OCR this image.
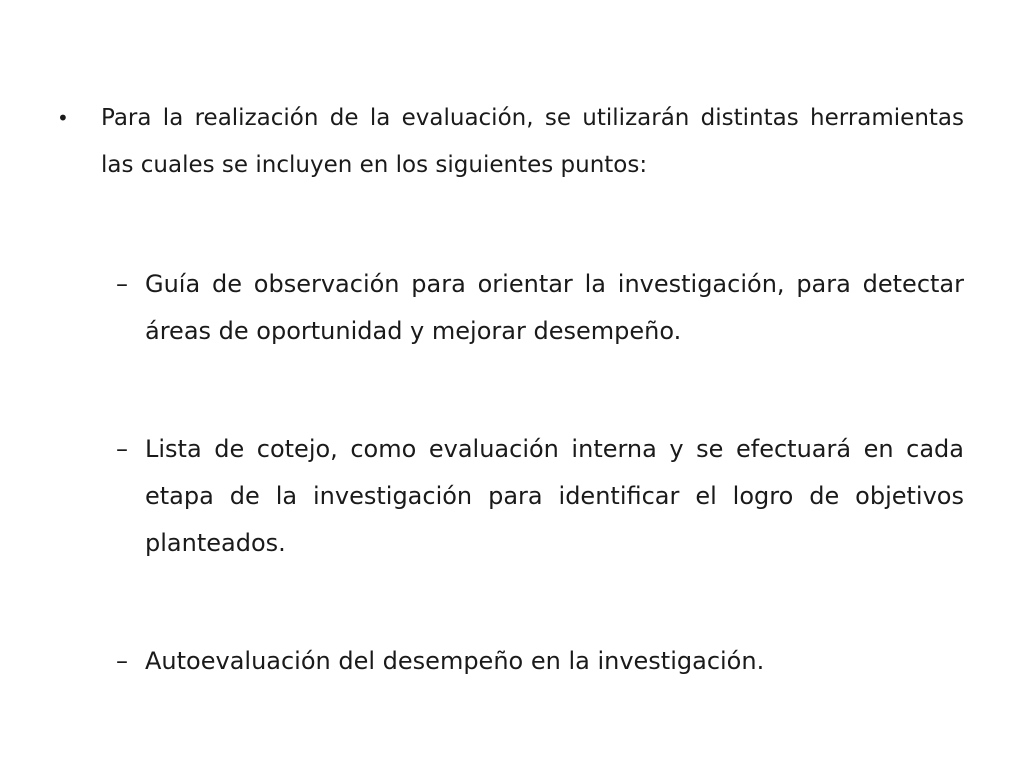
• Para la realización de la evaluación, se utilizarán distintas herramientas las cuales se incluyen en los siguientes puntos:
– Guía de observación para orientar la investigación, para detectar áreas de oportunidad y mejorar desempeño.
– Lista de cotejo, como evaluación interna y se efectuará en cada etapa de la investigación para identificar el logro de objetivos planteados.
– Autoevaluación del desempeño en la investigación.
